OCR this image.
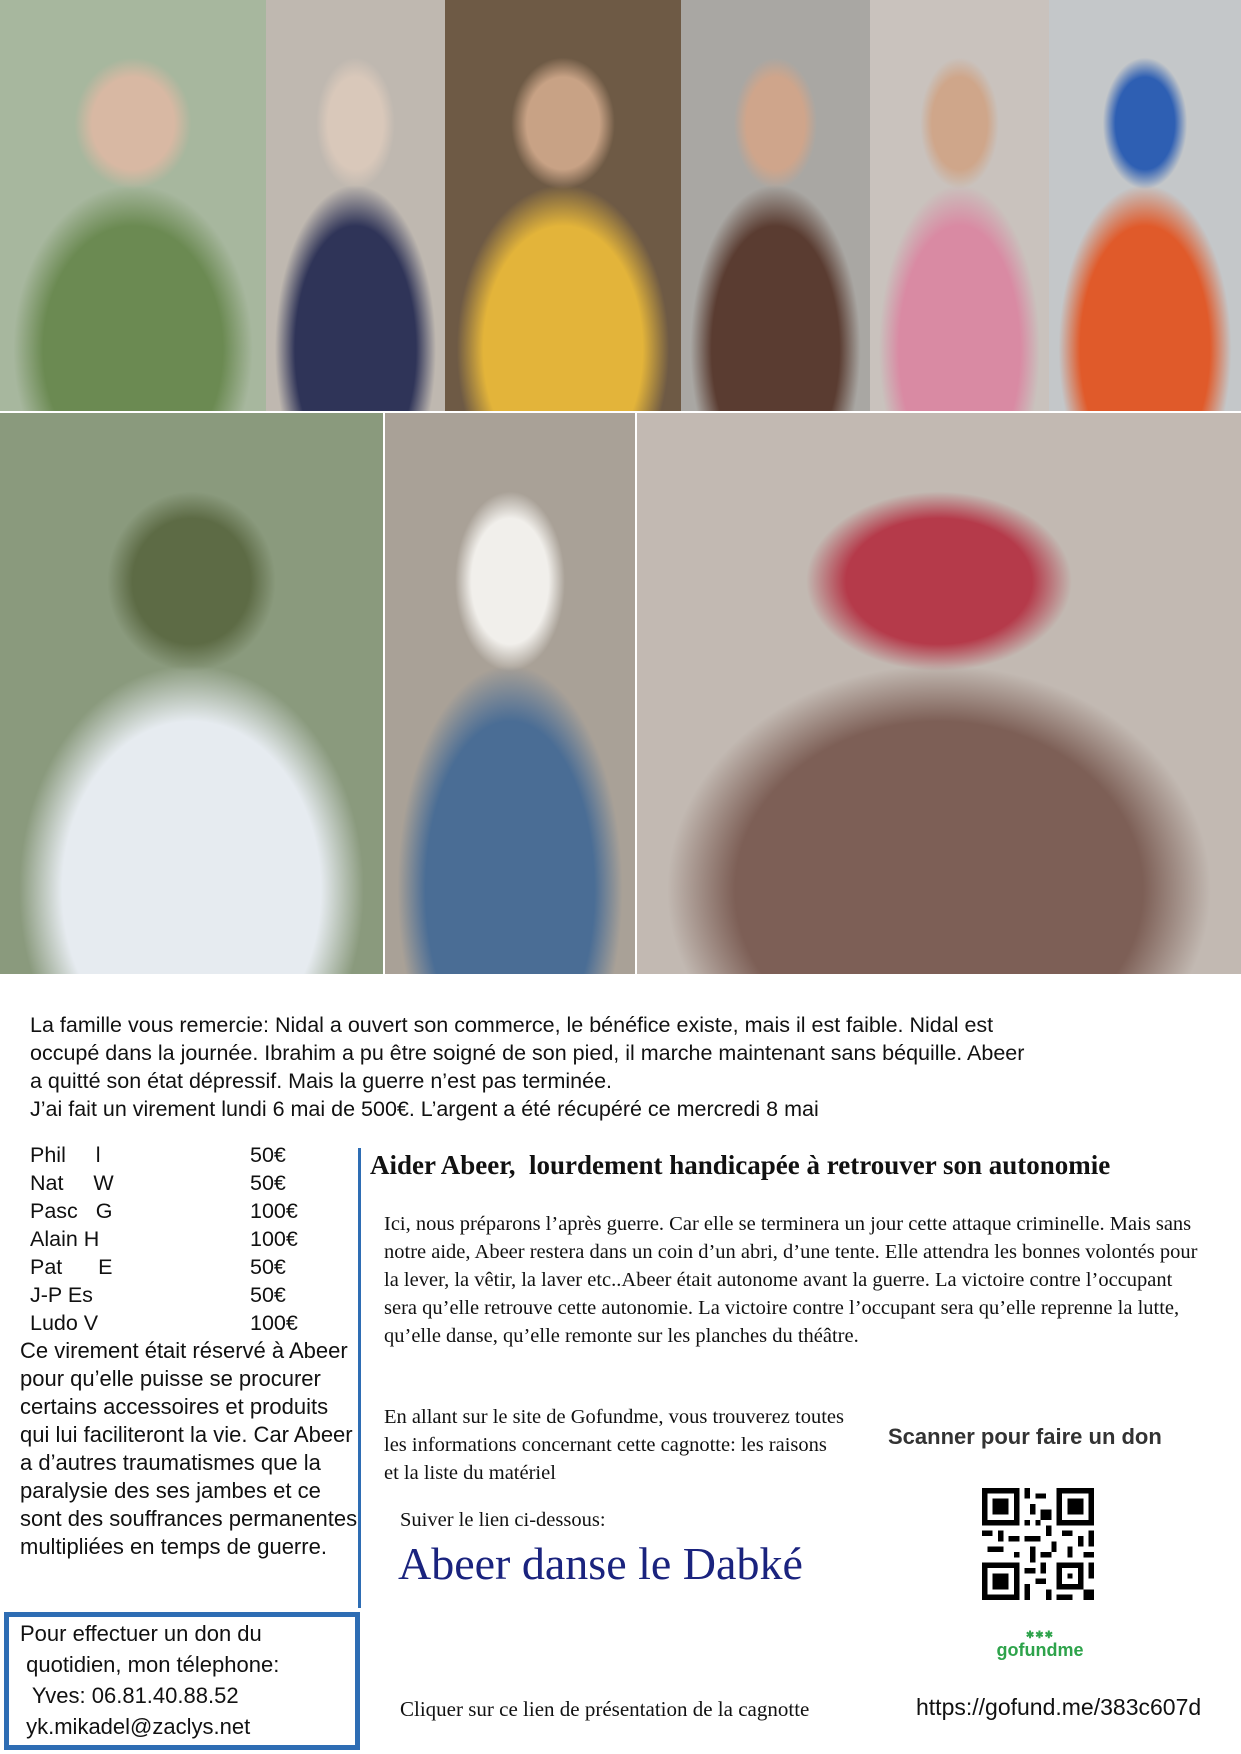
La famille vous remercie: Nidal a ouvert son commerce, le bénéfice existe, mais il est faible. Nidal est

occupé dans la journée. Ibrahim a pu être soigné de son pied, il marche maintenant sans béquille. Abeer

a quitté son état dépressif. Mais la guerre n’est pas terminée.

J’ai fait un virement lundi 6 mai de 500€. L’argent a été récupéré ce mercredi 8 mai

Phil     l	50€
Nat     W	50€
Pasc   G	100€
Alain H	100€
Pat      E	50€
J-P Es	50€
Ludo V	100€
Ce virement était réservé à Abeer pour qu’elle puisse se procurer certains accessoires et produits qui lui faciliteront la vie. Car Abeer a d’autres traumatismes que la paralysie des ses jambes et ce sont des souffrances permanentes multipliées en temps de guerre.

Pour effectuer un don du

quotidien, mon télephone:

Yves: 06.81.40.88.52

yk.mikadel@zaclys.net

Aider Abeer,  lourdement handicapée à retrouver son autonomie
Ici, nous préparons l’après guerre. Car elle se terminera un jour cette attaque criminelle. Mais sans notre aide, Abeer restera dans un coin d’un abri, d’une tente. Elle attendra les bonnes volontés pour la lever, la vêtir, la laver etc..Abeer était autonome avant la guerre. La victoire contre l’occupant sera qu’elle retrouve cette autonomie. La victoire contre l’occupant sera qu’elle reprenne la lutte, qu’elle danse, qu’elle remonte sur les planches du théâtre.
En allant sur le site de Gofundme, vous trouverez toutes les informations concernant cette cagnotte: les raisons et la liste du matériel
Suiver le lien ci-dessous:
Abeer danse le Dabké
Scanner pour faire un don
✱✱✱
gofundme
Cliquer sur ce lien de présentation de la cagnotte	https://gofund.me/383c607d
